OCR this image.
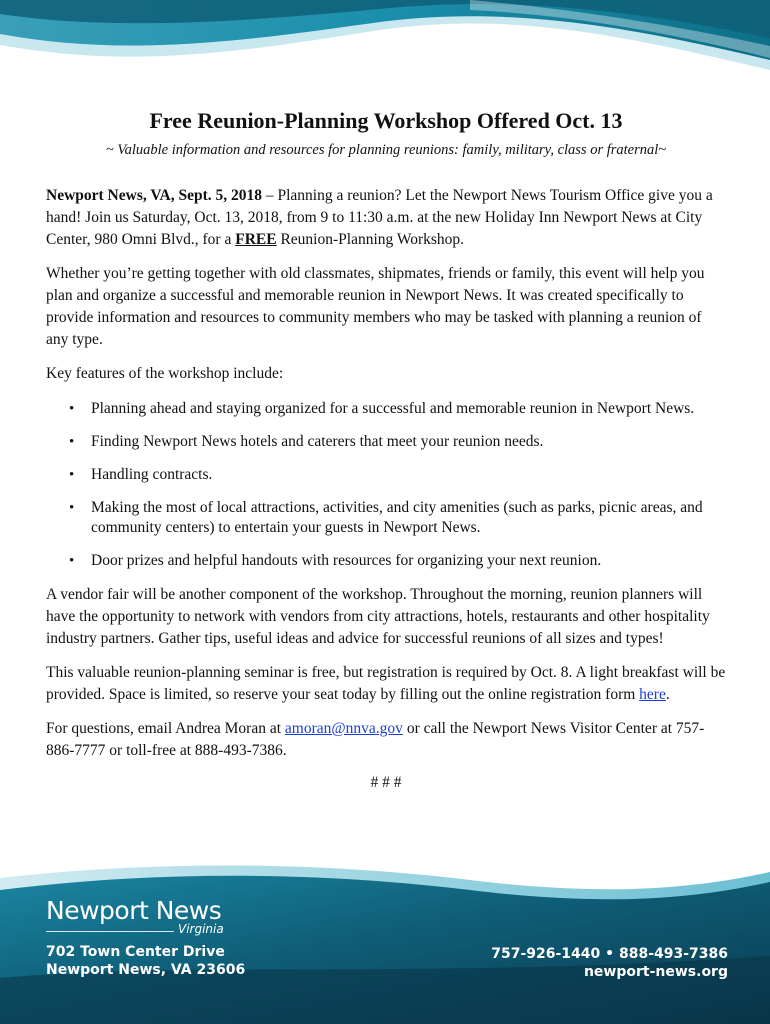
Free Reunion-Planning Workshop Offered Oct. 13
~ Valuable information and resources for planning reunions: family, military, class or fraternal~

Newport News, VA, Sept. 5, 2018 – Planning a reunion? Let the Newport News Tourism Office give you a hand! Join us Saturday, Oct. 13, 2018, from 9 to 11:30 a.m. at the new Holiday Inn Newport News at City Center, 980 Omni Blvd., for a FREE Reunion-Planning Workshop.

Whether you’re getting together with old classmates, shipmates, friends or family, this event will help you plan and organize a successful and memorable reunion in Newport News. It was created specifically to provide information and resources to community members who may be tasked with planning a reunion of any type.

Key features of the workshop include:

• Planning ahead and staying organized for a successful and memorable reunion in Newport News.
• Finding Newport News hotels and caterers that meet your reunion needs.
• Handling contracts.
• Making the most of local attractions, activities, and city amenities (such as parks, picnic areas, and community centers) to entertain your guests in Newport News.
• Door prizes and helpful handouts with resources for organizing your next reunion.

A vendor fair will be another component of the workshop. Throughout the morning, reunion planners will have the opportunity to network with vendors from city attractions, hotels, restaurants and other hospitality industry partners. Gather tips, useful ideas and advice for successful reunions of all sizes and types!

This valuable reunion-planning seminar is free, but registration is required by Oct. 8. A light breakfast will be provided. Space is limited, so reserve your seat today by filling out the online registration form here.

For questions, email Andrea Moran at amoran@nnva.gov or call the Newport News Visitor Center at 757-886-7777 or toll-free at 888-493-7386.

# # #
Newport News
Virginia
702 Town Center Drive
Newport News, VA 23606
757-926-1440 • 888-493-7386
newport-news.org
